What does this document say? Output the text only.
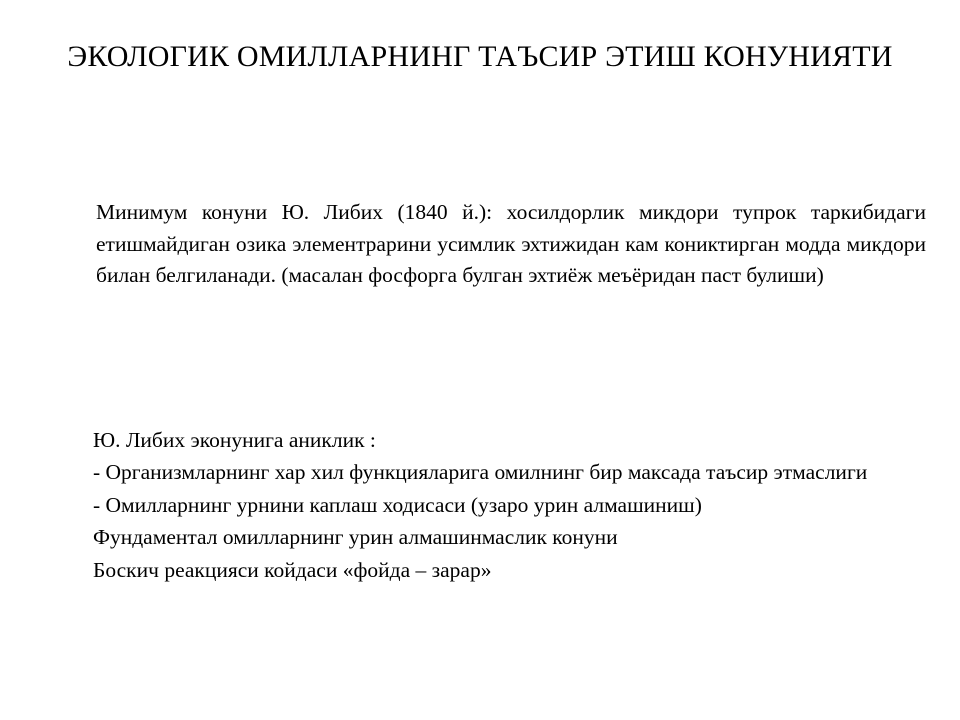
ЭКОЛОГИК ОМИЛЛАРНИНГ ТАЪСИР ЭТИШ КОНУНИЯТИ

Минимум конуни Ю. Либих (1840 й.): хосилдорлик микдори тупрок таркибидаги етишмайдиган озика элементрарини усимлик эхтижидан кам кониктирган модда микдори билан белгиланади. (масалан фосфорга булган эхтиёж меъёридан паст булиши)

Ю. Либих эконунига аниклик :

- Организмларнинг хар хил функцияларига омилнинг бир максада таъсир этмаслиги

- Омилларнинг урнини каплаш ходисаси (узаро урин алмашиниш)

Фундаментал омилларнинг урин алмашинмаслик конуни

Боскич реакцияси койдаси «фойда – зарар»
